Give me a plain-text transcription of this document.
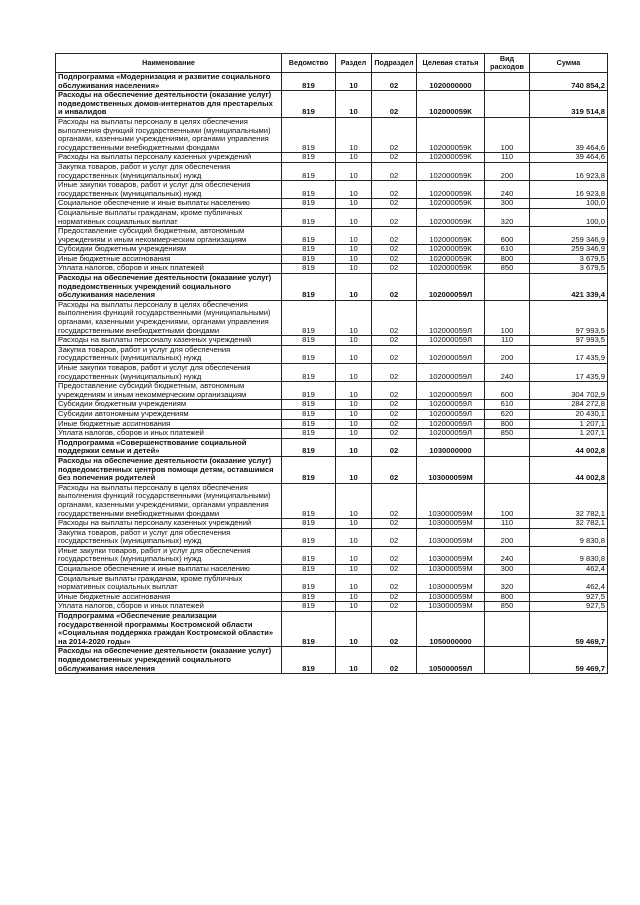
Наименование	Ведомство	Раздел	Подраздел	Целевая статья	Вид расходов	Сумма
Подпрограмма «Модернизация и развитие социального обслуживания населения»	819	10	02	1020000000		740 854,2
Расходы на обеспечение деятельности (оказание услуг) подведомственных домов-интернатов для престарелых и инвалидов	819	10	02	102000059К		319 514,8
Расходы на выплаты персоналу в целях обеспечения выполнения функций государственными (муниципальными) органами, казенными учреждениями, органами управления государственными внебюджетными фондами	819	10	02	102000059К	100	39 464,6
Расходы на выплаты персоналу казенных учреждений	819	10	02	102000059К	110	39 464,6
Закупка товаров, работ и услуг для обеспечения государственных (муниципальных) нужд	819	10	02	102000059К	200	16 923,8
Иные закупки товаров, работ и услуг для обеспечения государственных (муниципальных) нужд	819	10	02	102000059К	240	16 923,8
Социальное обеспечение и иные выплаты населению	819	10	02	102000059К	300	100,0
Социальные выплаты гражданам, кроме публичных нормативных социальных выплат	819	10	02	102000059К	320	100,0
Предоставление субсидий бюджетным, автономным учреждениям и иным некоммерческим организациям	819	10	02	102000059К	600	259 346,9
Субсидии бюджетным учреждениям	819	10	02	102000059К	610	259 346,9
Иные бюджетные ассигнования	819	10	02	102000059К	800	3 679,5
Уплата налогов, сборов и иных платежей	819	10	02	102000059К	850	3 679,5
Расходы на обеспечение деятельности (оказание услуг) подведомственных учреждений социального обслуживания населения	819	10	02	102000059Л		421 339,4
Расходы на выплаты персоналу в целях обеспечения выполнения функций государственными (муниципальными) органами, казенными учреждениями, органами управления государственными внебюджетными фондами	819	10	02	102000059Л	100	97 993,5
Расходы на выплаты персоналу казенных учреждений	819	10	02	102000059Л	110	97 993,5
Закупка товаров, работ и услуг для обеспечения государственных (муниципальных) нужд	819	10	02	102000059Л	200	17 435,9
Иные закупки товаров, работ и услуг для обеспечения государственных (муниципальных) нужд	819	10	02	102000059Л	240	17 435,9
Предоставление субсидий бюджетным, автономным учреждениям и иным некоммерческим организациям	819	10	02	102000059Л	600	304 702,9
Субсидии бюджетным учреждениям	819	10	02	102000059Л	610	284 272,8
Субсидии автономным учреждениям	819	10	02	102000059Л	620	20 430,1
Иные бюджетные ассигнования	819	10	02	102000059Л	800	1 207,1
Уплата налогов, сборов и иных платежей	819	10	02	102000059Л	850	1 207,1
Подпрограмма «Совершенствование социальной поддержки семьи и детей»	819	10	02	1030000000		44 002,8
Расходы на обеспечение деятельности (оказание услуг) подведомственных центров помощи детям, оставшимся без попечения родителей	819	10	02	103000059М		44 002,8
Расходы на выплаты персоналу в целях обеспечения выполнения функций государственными (муниципальными) органами, казенными учреждениями, органами управления государственными внебюджетными фондами	819	10	02	103000059М	100	32 782,1
Расходы на выплаты персоналу казенных учреждений	819	10	02	103000059М	110	32 782,1
Закупка товаров, работ и услуг для обеспечения государственных (муниципальных) нужд	819	10	02	103000059М	200	9 830,8
Иные закупки товаров, работ и услуг для обеспечения государственных (муниципальных) нужд	819	10	02	103000059М	240	9 830,8
Социальное обеспечение и иные выплаты населению	819	10	02	103000059М	300	462,4
Социальные выплаты гражданам, кроме публичных нормативных социальных выплат	819	10	02	103000059М	320	462,4
Иные бюджетные ассигнования	819	10	02	103000059М	800	927,5
Уплата налогов, сборов и иных платежей	819	10	02	103000059М	850	927,5
Подпрограмма «Обеспечение реализации государственной программы Костромской области «Социальная поддержка граждан Костромской области» на 2014-2020 годы»	819	10	02	1050000000		59 469,7
Расходы на обеспечение деятельности (оказание услуг) подведомственных учреждений социального обслуживания населения	819	10	02	105000059Л		59 469,7
